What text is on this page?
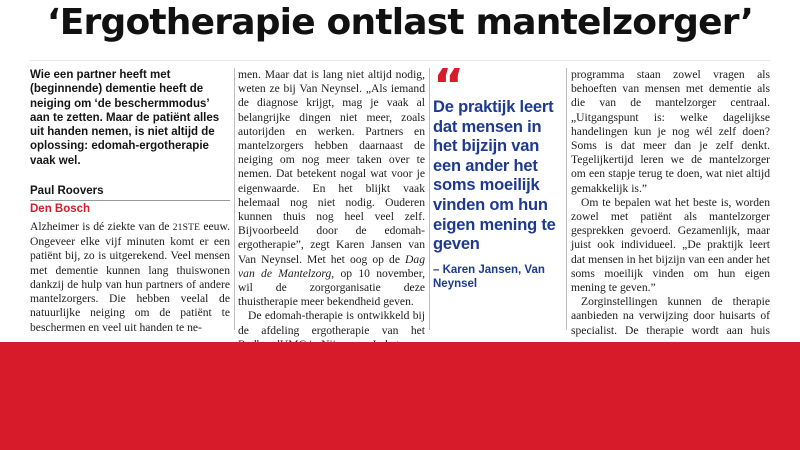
‘Ergotherapie ontlast mantelzorger’
Wie een partner heeft met (beginnende) dementie heeft de neiging om ‘de beschermmodus’ aan te zetten. Maar de patiënt alles uit handen nemen, is niet altijd de oplossing: edomah-ergotherapie vaak wel.
Paul Roovers
Den Bosch

Alzheimer is dé ziekte van de 21STE eeuw. Ongeveer elke vijf minuten komt er een patiënt bij, zo is uitgerekend. Veel mensen met dementie kunnen lang thuiswonen dankzij de hulp van hun partners of andere mantelzorgers. Die hebben veelal de natuurlijke neiging om de patiënt te beschermen en veel uit handen te ne-

men. Maar dat is lang niet altijd nodig, weten ze bij Van Neynsel. „Als iemand de diagnose krijgt, mag je vaak al belangrijke dingen niet meer, zoals autorijden en werken. Partners en mantelzorgers hebben daarnaast de neiging om nog meer taken over te nemen. Dat betekent nogal wat voor je eigenwaarde. En het blijkt vaak helemaal nog niet nodig. Ouderen kunnen thuis nog heel veel zelf. Bijvoorbeeld door de edomah-ergotherapie”, zegt Karen Jansen van Van Neynsel. Met het oog op de Dag van de Mantelzorg, op 10 november, wil de zorgorganisatie deze thuistherapie meer bekendheid geven.

De edomah-therapie is ontwikkeld bij de afdeling ergotherapie van het

“
De praktijk leert dat mensen in het bijzijn van een ander het soms moeilijk vinden om hun eigen mening te geven
– Karen Jansen, Van Neynsel

programma staan zowel vragen als behoeften van mensen met dementie als die van de mantelzorger centraal. „Uitgangspunt is: welke dagelijkse handelingen kun je nog wél zelf doen? Soms is dat meer dan je zelf denkt. Tegelijkertijd leren we de mantelzorger om een stapje terug te doen, wat niet altijd gemakkelijk is.”

Om te bepalen wat het beste is, worden zowel met patiënt als mantelzorger gesprekken gevoerd. Gezamenlijk, maar juist ook individueel. „De praktijk leert dat mensen in het bijzijn van een ander het soms moeilijk vinden om hun eigen mening te geven.”

Zorginstellingen kunnen de therapie aanbieden na verwijzing door huisarts of specialist. De therapie wordt aan huis
